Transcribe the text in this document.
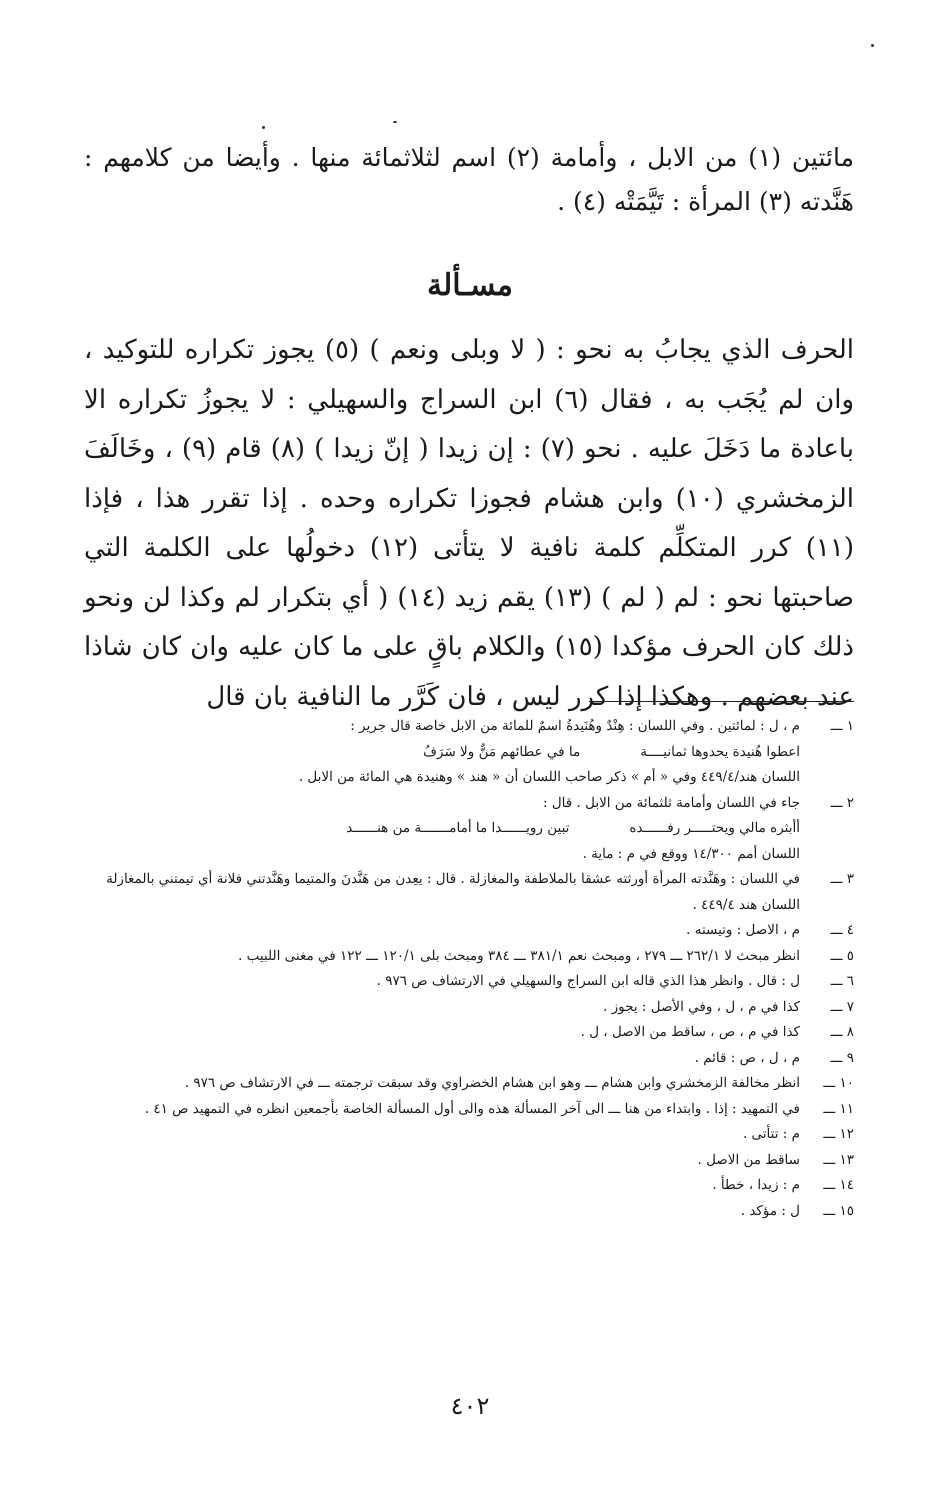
مائتين (١) من الابل ، وأمامة (٢) اسم لثلاثمائة منها . وأيضا من كلامهم : هَنَّدته (٣) المرأة : تَيَّمَتْه (٤) .

مسـألة

الحرف الذي يجابُ به نحو : ( لا وبلى ونعم ) (٥) يجوز تكراره للتوكيد ، وان لم يُجَب به ، فقال (٦) ابن السراج والسهيلي : لا يجوزُ تكراره الا باعادة ما دَخَلَ عليه . نحو (٧) : إن زيدا ( إنّ زيدا ) (٨) قام (٩) ، وخَالَفَ الزمخشري (١٠) وابن هشام فجوزا تكراره وحده . إذا تقرر هذا ، فإذا (١١) كرر المتكلِّم كلمة نافية لا يتأتى (١٢) دخولُها على الكلمة التي صاحبتها نحو : لم ( لم ) (١٣) يقم زيد (١٤) ( أي بتكرار لم وكذا لن ونحو ذلك كان الحرف مؤكدا (١٥) والكلام باقٍ على ما كان عليه وان كان شاذا عند بعضهم . وهكذا إذا كرر ليس ، فان كَرَّر ما النافية بان قال

١ ـــم ، ل : لمائتين . وفي اللسان : هِنْدٌ وهُنَيدةُ اسمٌ للمائة من الابل خاصة قال جرير :
اعطوا هُنيدة يحدوها ثمانيــــة
ما في عطائهم مَنٌّ ولا سَرَفُ
اللسان هند/٤٤٩/٤ وفي « أم » ذكر صاحب اللسان أن « هند » وهنيدة هي المائة من الابل .
٢ ـــجاء في اللسان وأمامة ثلثمائة من الابل . قال :
أأبثره مالي ويحتـــــر رفــــــده
تبين رويــــــدا ما أمامـــــــة من هنــــــد
اللسان أمم ١٤/٣٠٠ ووقع في م : ماية .
٣ ـــفي اللسان : وهَنَّدته المرأة أورثته عشقا بالملاطفة والمغازلة . قال : يعِدن من هَنَّدنَ والمتيما وهَنَّدتني فلانة أي تيمتني بالمغازلة
اللسان هند ٤٤٩/٤ .
٤ ـــم ، الاصل : وتيسته .
٥ ـــانظر مبحث لا ٢٦٢/١ ـــ ٢٧٩ ، ومبحث نعم ٣٨١/١ ـــ ٣٨٤ ومبحث بلى ١٢٠/١ ـــ ١٢٢ في مغنى اللبيب .
٦ ـــل : قال . وانظر هذا الذي قاله ابن السراج والسهيلي في الارتشاف ص ٩٧٦ .
٧ ـــكذا في م ، ل ، وفي الأصل : يجوز .
٨ ـــكذا في م ، ص ، ساقط من الاصل ، ل .
٩ ـــم ، ل ، ص : قائم .
١٠ ـــانظر مخالفة الزمخشري وابن هشام ـــ وهو ابن هشام الخضراوي وقد سبقت ترجمته ـــ في الارتشاف ص ٩٧٦ .
١١ ـــفي التمهيد : إذا . وابتداء من هنا ـــ الى آخر المسألة هذه والى أول المسألة الخاصة بأجمعين انظره في التمهيد ص ٤١ .
١٢ ـــم : تتأتى .
١٣ ـــساقط من الاصل .
١٤ ـــم : زيدا ، خطأ .
١٥ ـــل : مؤكد .
٤٠٢
